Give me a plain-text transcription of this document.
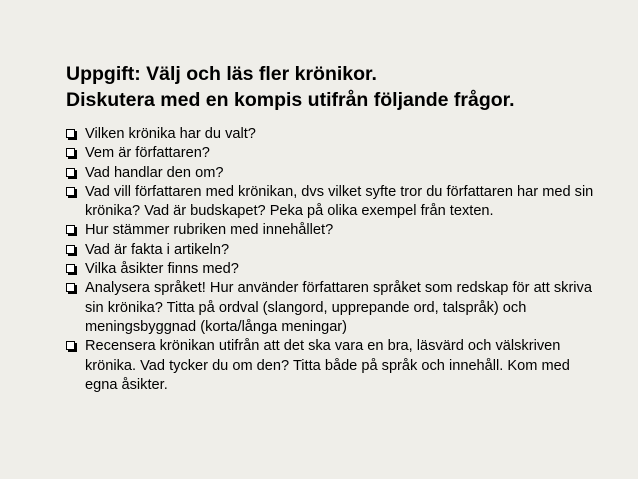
Uppgift: Välj och läs fler krönikor.
Diskutera med en kompis utifrån följande frågor.
Vilken krönika har du valt?
Vem är författaren?
Vad handlar den om?
Vad vill författaren med krönikan, dvs vilket syfte tror du författaren har med sin krönika? Vad är budskapet? Peka på olika exempel från texten.
Hur stämmer rubriken med innehållet?
Vad är fakta i artikeln?
Vilka åsikter finns med?
Analysera språket! Hur använder författaren språket som redskap för att skriva sin krönika? Titta på ordval (slangord, upprepande ord, talspråk) och meningsbyggnad (korta/långa meningar)
Recensera krönikan utifrån att det ska vara en bra, läsvärd och välskriven krönika. Vad tycker du om den? Titta både på språk och innehåll. Kom med egna åsikter.
